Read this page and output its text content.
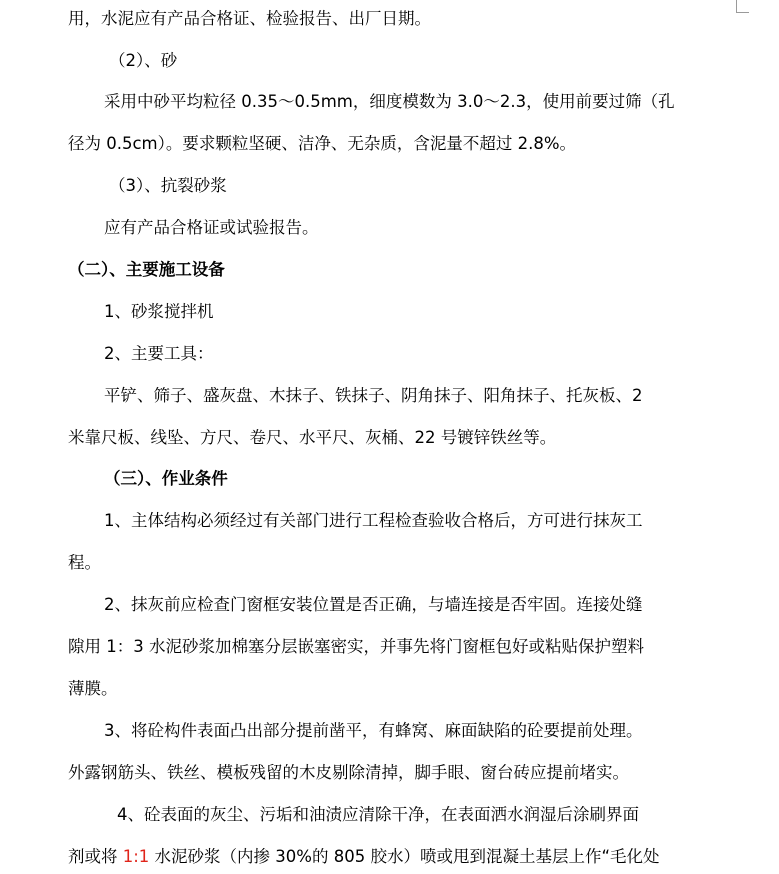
用，水泥应有产品合格证、检验报告、出厂日期。
（2）、砂
采用中砂平均粒径 0.35～0.5mm，细度模数为 3.0～2.3，使用前要过筛（孔
径为 0.5cm）。要求颗粒坚硬、洁净、无杂质，含泥量不超过 2.8%。
（3）、抗裂砂浆
应有产品合格证或试验报告。
（二）、主要施工设备
1、砂浆搅拌机
2、主要工具：
平铲、筛子、盛灰盘、木抹子、铁抹子、阴角抹子、阳角抹子、托灰板、2
米靠尺板、线坠、方尺、卷尺、水平尺、灰桶、22 号镀锌铁丝等。
（三）、作业条件
1、主体结构必须经过有关部门进行工程检查验收合格后，方可进行抹灰工
程。
2、抹灰前应检查门窗框安装位置是否正确，与墙连接是否牢固。连接处缝
隙用 1：3 水泥砂浆加棉塞分层嵌塞密实，并事先将门窗框包好或粘贴保护塑料
薄膜。
3、将砼构件表面凸出部分提前凿平，有蜂窝、麻面缺陷的砼要提前处理。
外露钢筋头、铁丝、模板残留的木皮剔除清掉，脚手眼、窗台砖应提前堵实。
4、砼表面的灰尘、污垢和油渍应清除干净，在表面洒水润湿后涂刷界面
剂或将 1:1 水泥砂浆（内掺 30%的 805 胶水）喷或甩到混凝土基层上作“毛化处
